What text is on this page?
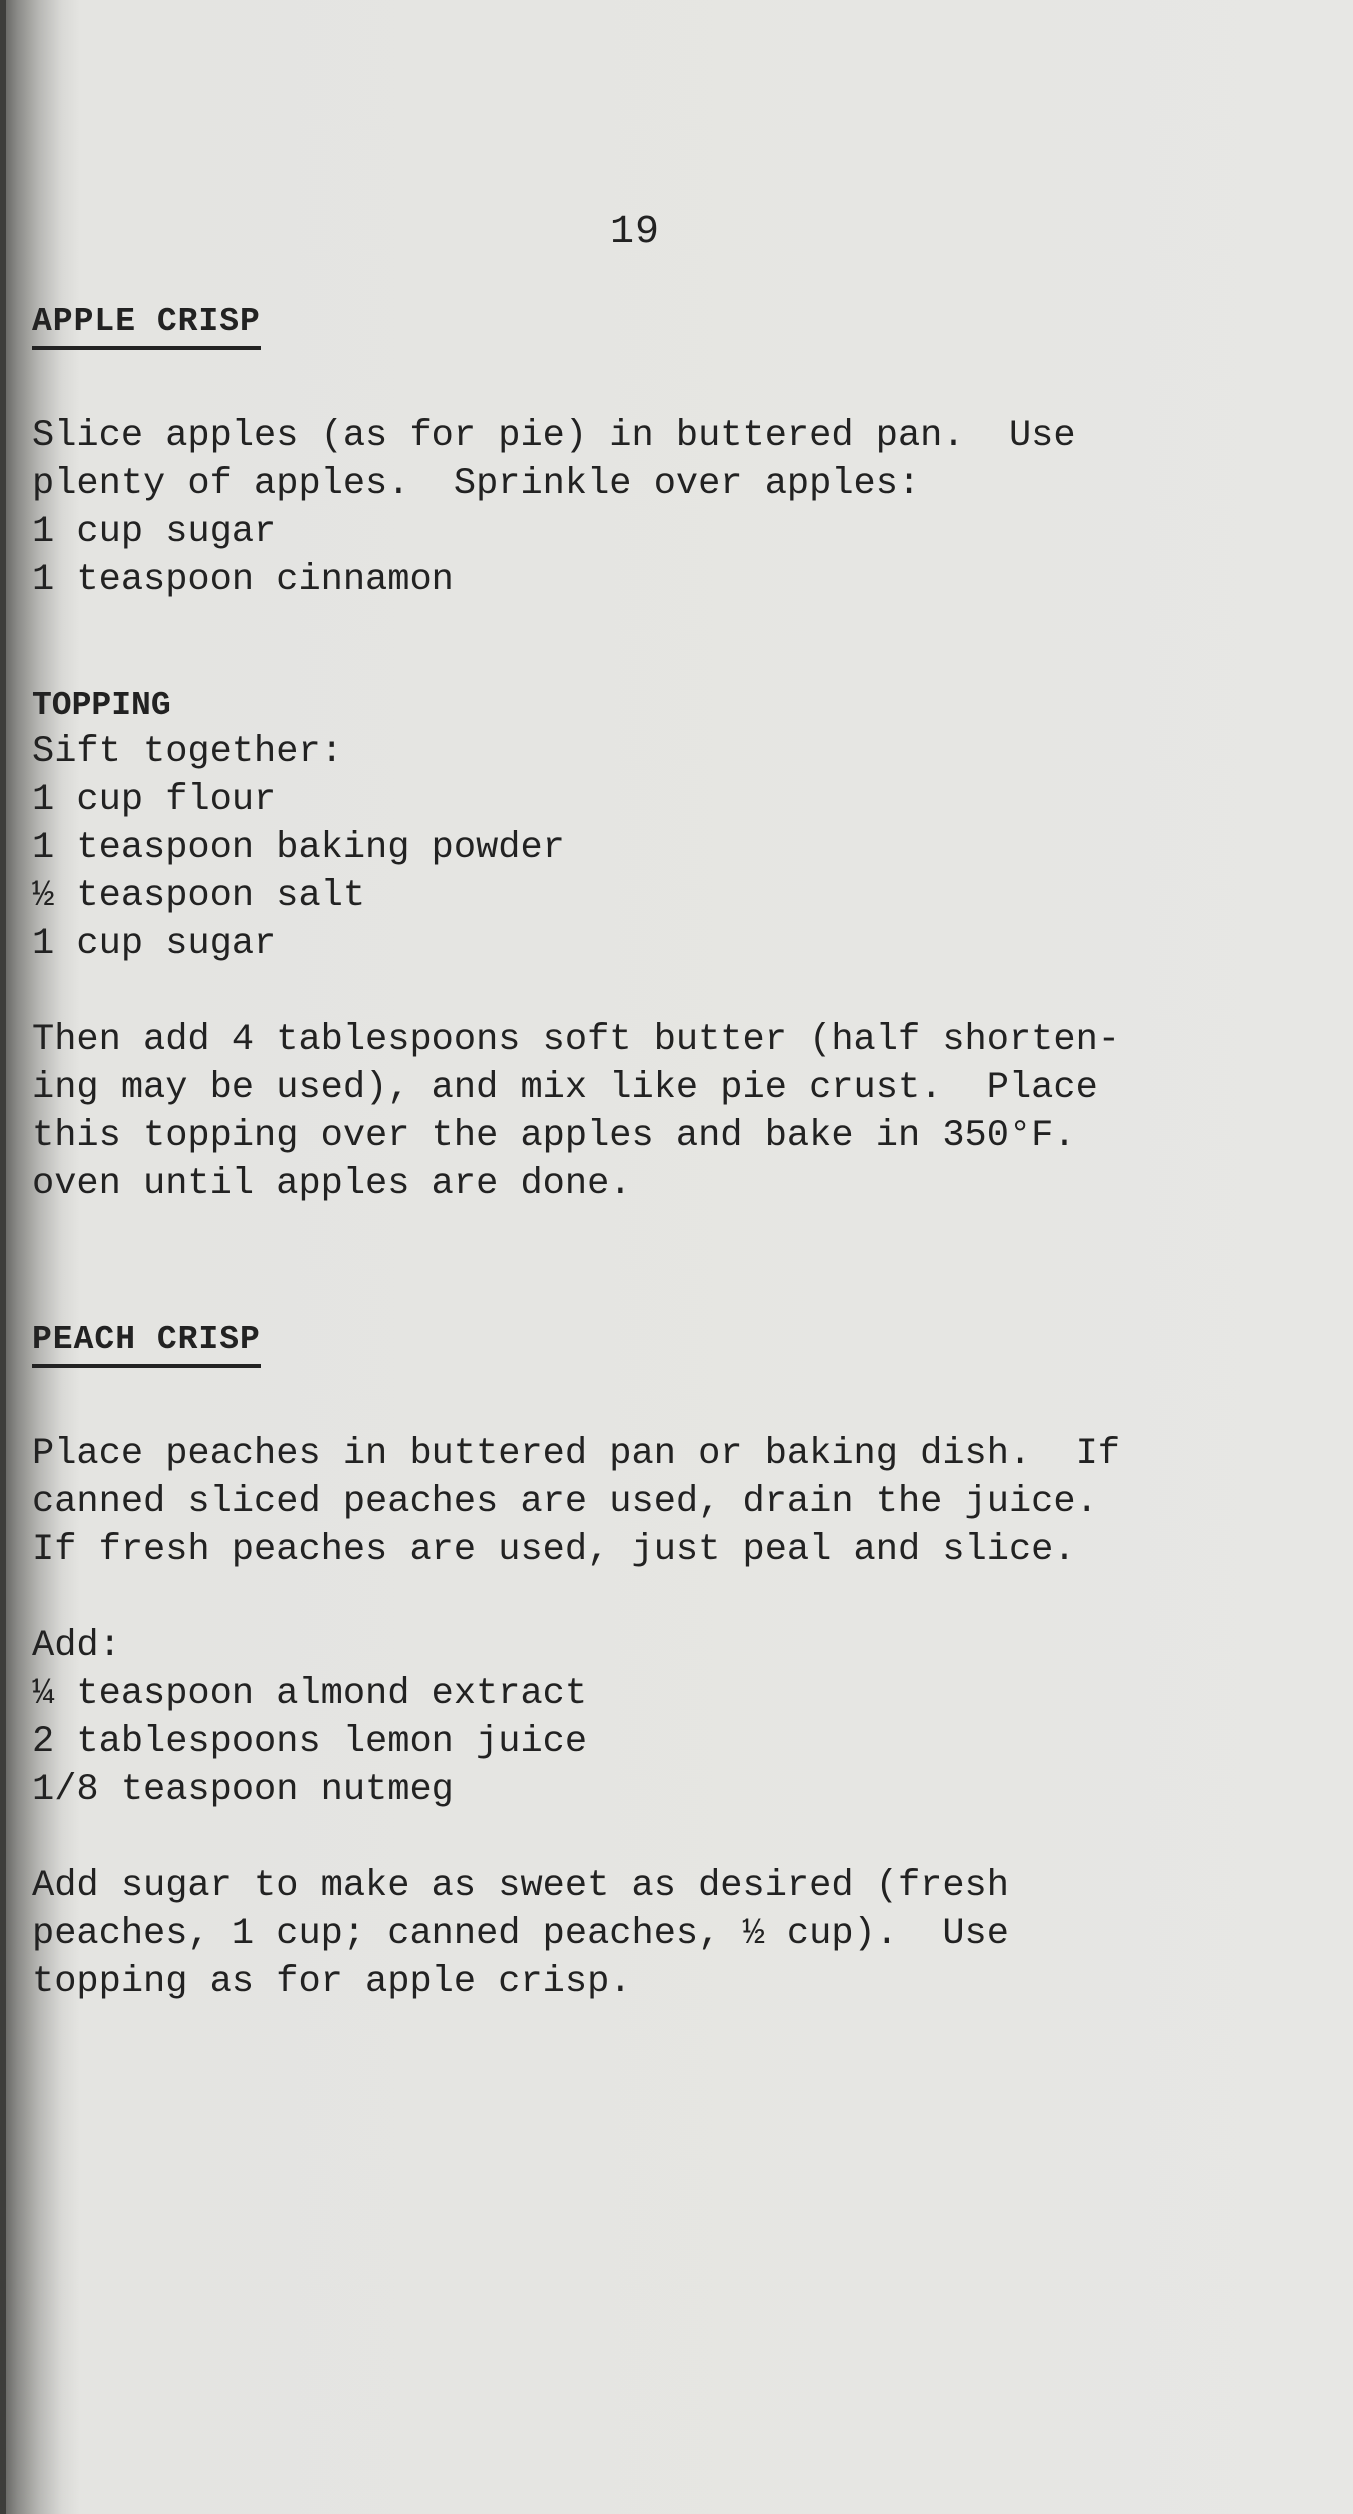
19
APPLE CRISP

Slice apples (as for pie) in buttered pan.  Use

plenty of apples.  Sprinkle over apples:

1 cup sugar

1 teaspoon cinnamon

TOPPING

Sift together:

1 cup flour

1 teaspoon baking powder

½ teaspoon salt

1 cup sugar

Then add 4 tablespoons soft butter (half shorten-

ing may be used), and mix like pie crust.  Place

this topping over the apples and bake in 350°F.

oven until apples are done.

PEACH CRISP

Place peaches in buttered pan or baking dish.  If

canned sliced peaches are used, drain the juice.

If fresh peaches are used, just peal and slice.

Add:

¼ teaspoon almond extract

2 tablespoons lemon juice

1/8 teaspoon nutmeg

Add sugar to make as sweet as desired (fresh

peaches, 1 cup; canned peaches, ½ cup).  Use

topping as for apple crisp.
